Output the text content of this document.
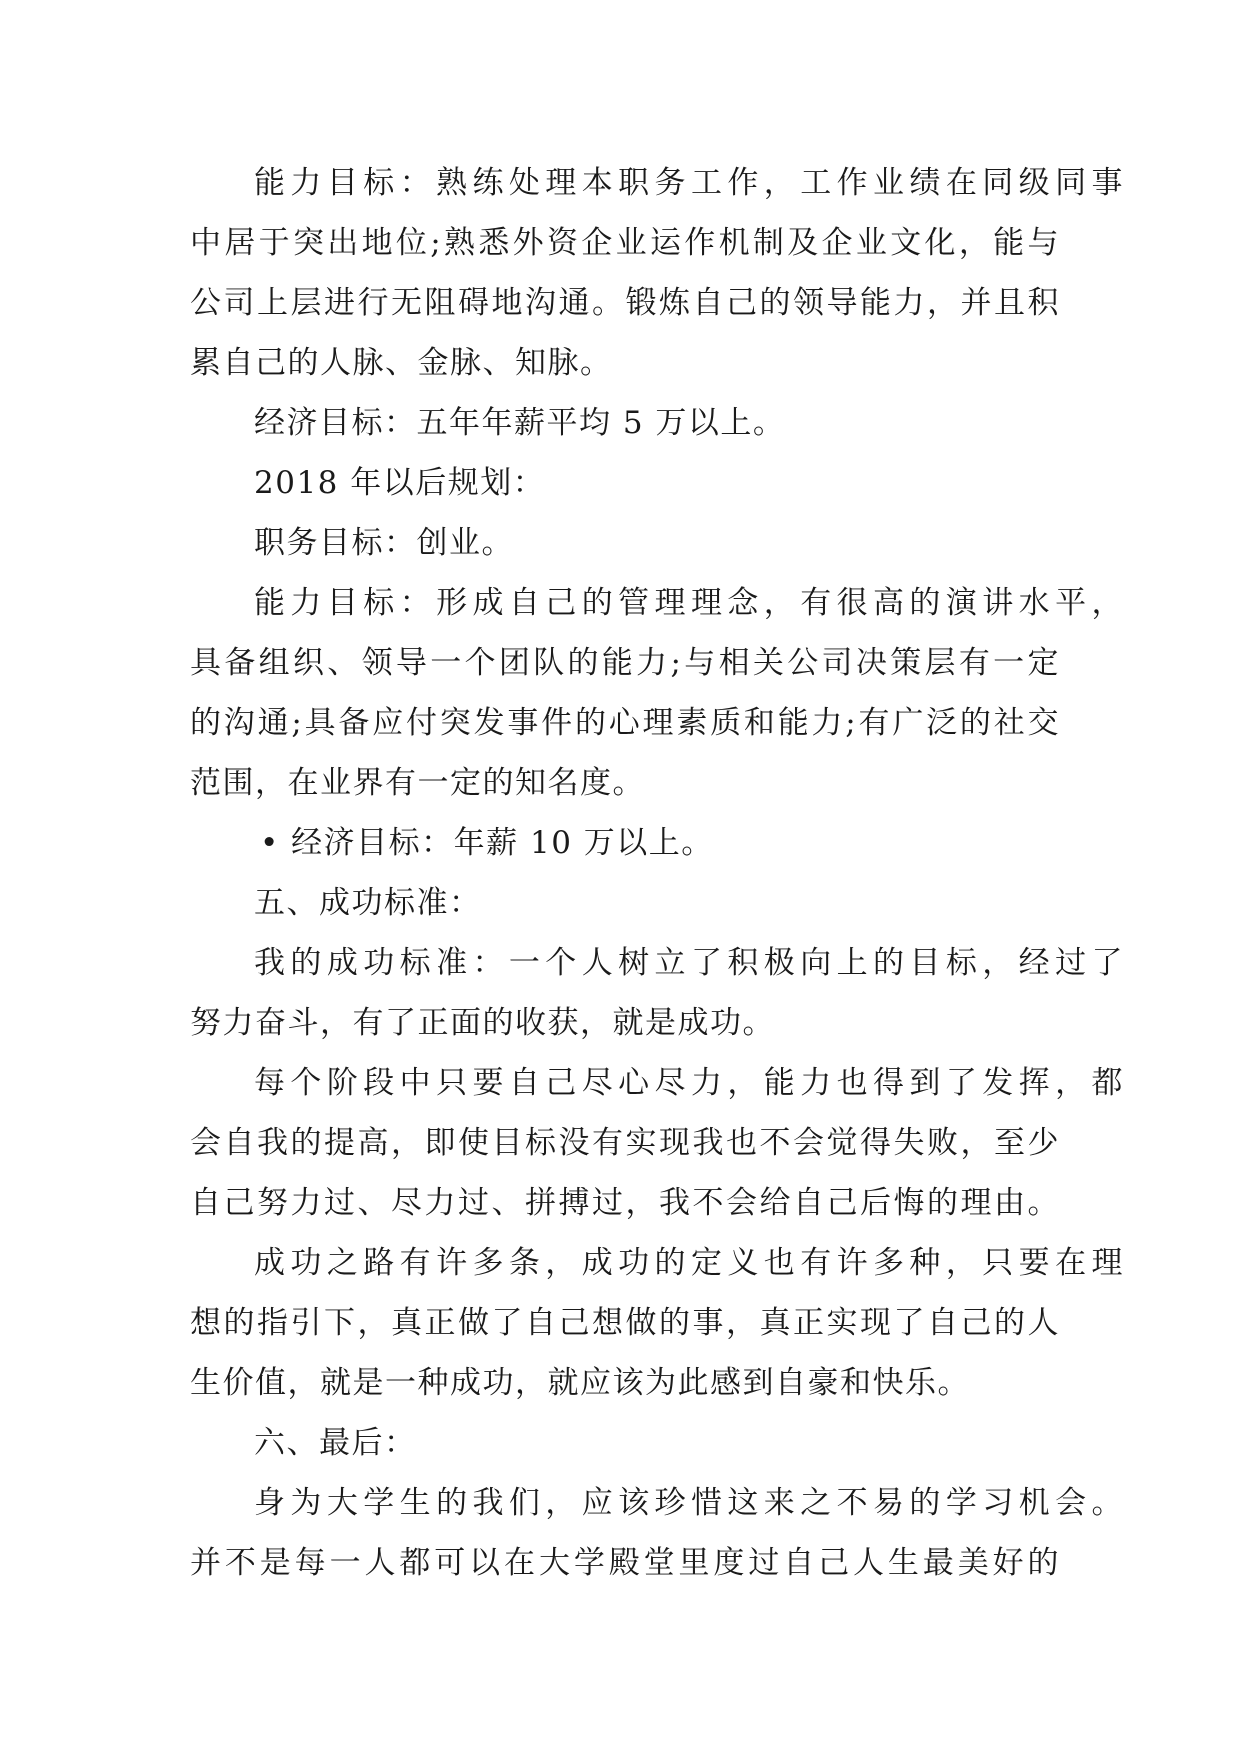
能力目标：熟练处理本职务工作，工作业绩在同级同事

中居于突出地位;熟悉外资企业运作机制及企业文化，能与

公司上层进行无阻碍地沟通。锻炼自己的领导能力，并且积

累自己的人脉、金脉、知脉。

经济目标：五年年薪平均 5 万以上。

2018 年以后规划：

职务目标：创业。

能力目标：形成自己的管理理念，有很高的演讲水平，

具备组织、领导一个团队的能力;与相关公司决策层有一定

的沟通;具备应付突发事件的心理素质和能力;有广泛的社交

范围，在业界有一定的知名度。

• 经济目标：年薪 10 万以上。

五、成功标准：

我的成功标准：一个人树立了积极向上的目标，经过了

努力奋斗，有了正面的收获，就是成功。

每个阶段中只要自己尽心尽力，能力也得到了发挥，都

会自我的提高，即使目标没有实现我也不会觉得失败，至少

自己努力过、尽力过、拼搏过，我不会给自己后悔的理由。

成功之路有许多条，成功的定义也有许多种，只要在理

想的指引下，真正做了自己想做的事，真正实现了自己的人

生价值，就是一种成功，就应该为此感到自豪和快乐。

六、最后：

身为大学生的我们，应该珍惜这来之不易的学习机会。

并不是每一人都可以在大学殿堂里度过自己人生最美好的
